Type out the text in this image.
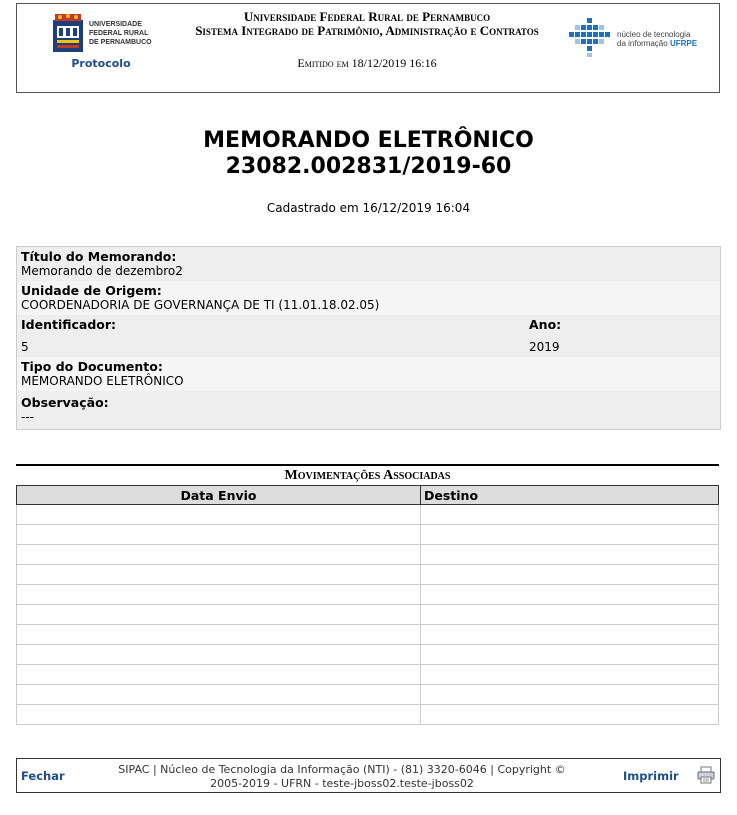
UNIVERSIDADE
FEDERAL RURAL
DE PERNAMBUCO
Protocolo
Universidade Federal Rural de Pernambuco
Sistema Integrado de Patrimônio, Administração e Contratos
Emitido em 18/12/2019 16:16
núcleo de tecnologia
da informação UFRPE
MEMORANDO ELETRÔNICO
23082.002831/2019-60
Cadastrado em 16/12/2019 16:04
Título do Memorando:
Memorando de dezembro2
Unidade de Origem:
COORDENADORIA DE GOVERNANÇA DE TI (11.01.18.02.05)
Identificador:
5
Ano:
2019
Tipo do Documento:
MEMORANDO ELETRÔNICO
Observação:
---
Movimentações Associadas
Data Envio	Destino

Fechar	SIPAC | Núcleo de Tecnologia da Informação (NTI) - (81) 3320-6046 | Copyright ©
2005-2019 - UFRN - teste-jboss02.teste-jboss02
Imprimir
